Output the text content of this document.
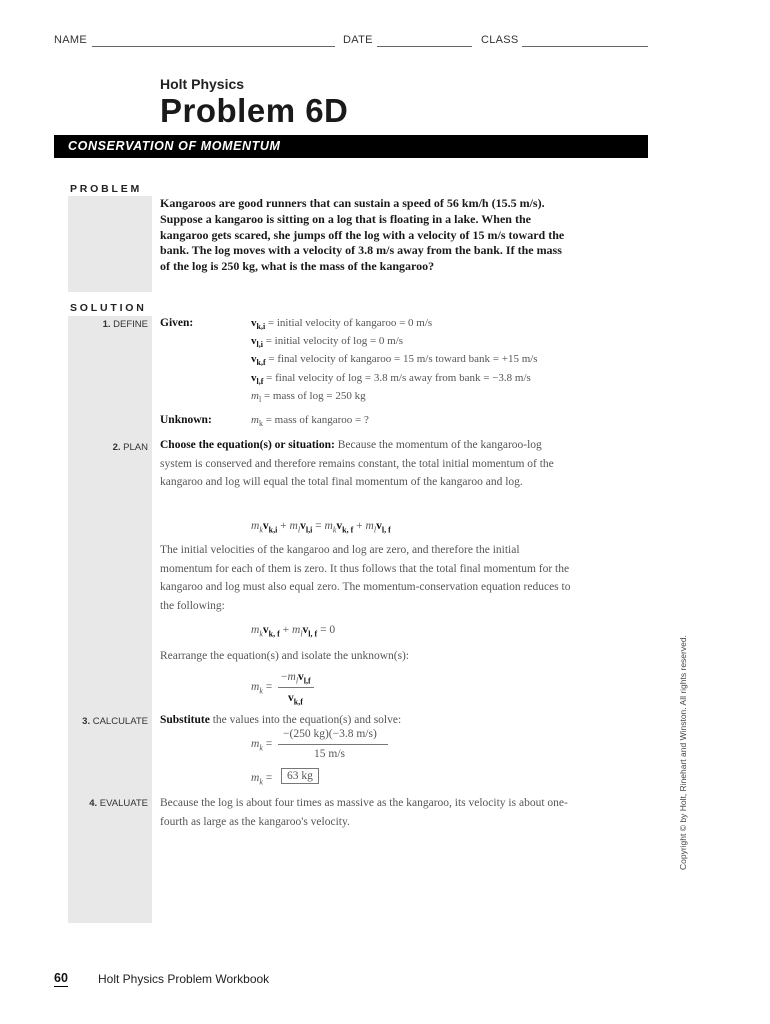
NAME	DATE	CLASS
Holt Physics
Problem 6D
CONSERVATION OF MOMENTUM
PROBLEM
Kangaroos are good runners that can sustain a speed of 56 km/h (15.5 m/s). Suppose a kangaroo is sitting on a log that is floating in a lake. When the kangaroo gets scared, she jumps off the log with a velocity of 15 m/s toward the bank. The log moves with a velocity of 3.8 m/s away from the bank. If the mass of the log is 250 kg, what is the mass of the kangaroo?
SOLUTION
1. DEFINE Given:	$v_{k,i}$ = initial velocity of kangaroo = 0 m/s
$v_{l,i}$ = initial velocity of log = 0 m/s
$v_{k,f}$ = final velocity of kangaroo = 15 m/s toward bank = +15 m/s
$v_{l,f}$ = final velocity of log = 3.8 m/s away from bank = −3.8 m/s
$m_l$ = mass of log = 250 kg
Unknown:	$m_k$ = mass of kangaroo = ?
2. PLAN Choose the equation(s) or situation: Because the momentum of the kangaroo-log system is conserved and therefore remains constant, the total initial momentum of the kangaroo and log will equal the total final momentum of the kangaroo and log.
$m_kv_{k,i} + m_lv_{l,i} = m_kv_{k, f} + m_lv_{l, f}$
The initial velocities of the kangaroo and log are zero, and therefore the initial momentum for each of them is zero. It thus follows that the total final momentum for the kangaroo and log must also equal zero. The momentum-conservation equation reduces to the following:
$m_kv_{k, f} + m_lv_{l, f} = 0$
Rearrange the equation(s) and isolate the unknown(s):
$m_k$ =
$-m_lv_{l,f}$
$v_{k,f}$
3. CALCULATE Substitute the values into the equation(s) and solve:
$m_k$ =
−(250 kg)(−3.8 m/s)
15 m/s
$m_k$ =	63 kg
4. EVALUATE Because the log is about four times as massive as the kangaroo, its velocity is about one-fourth as large as the kangaroo's velocity.	Copyright © by Holt, Rinehart and Winston. All rights reserved.
60	Holt Physics Problem Workbook
